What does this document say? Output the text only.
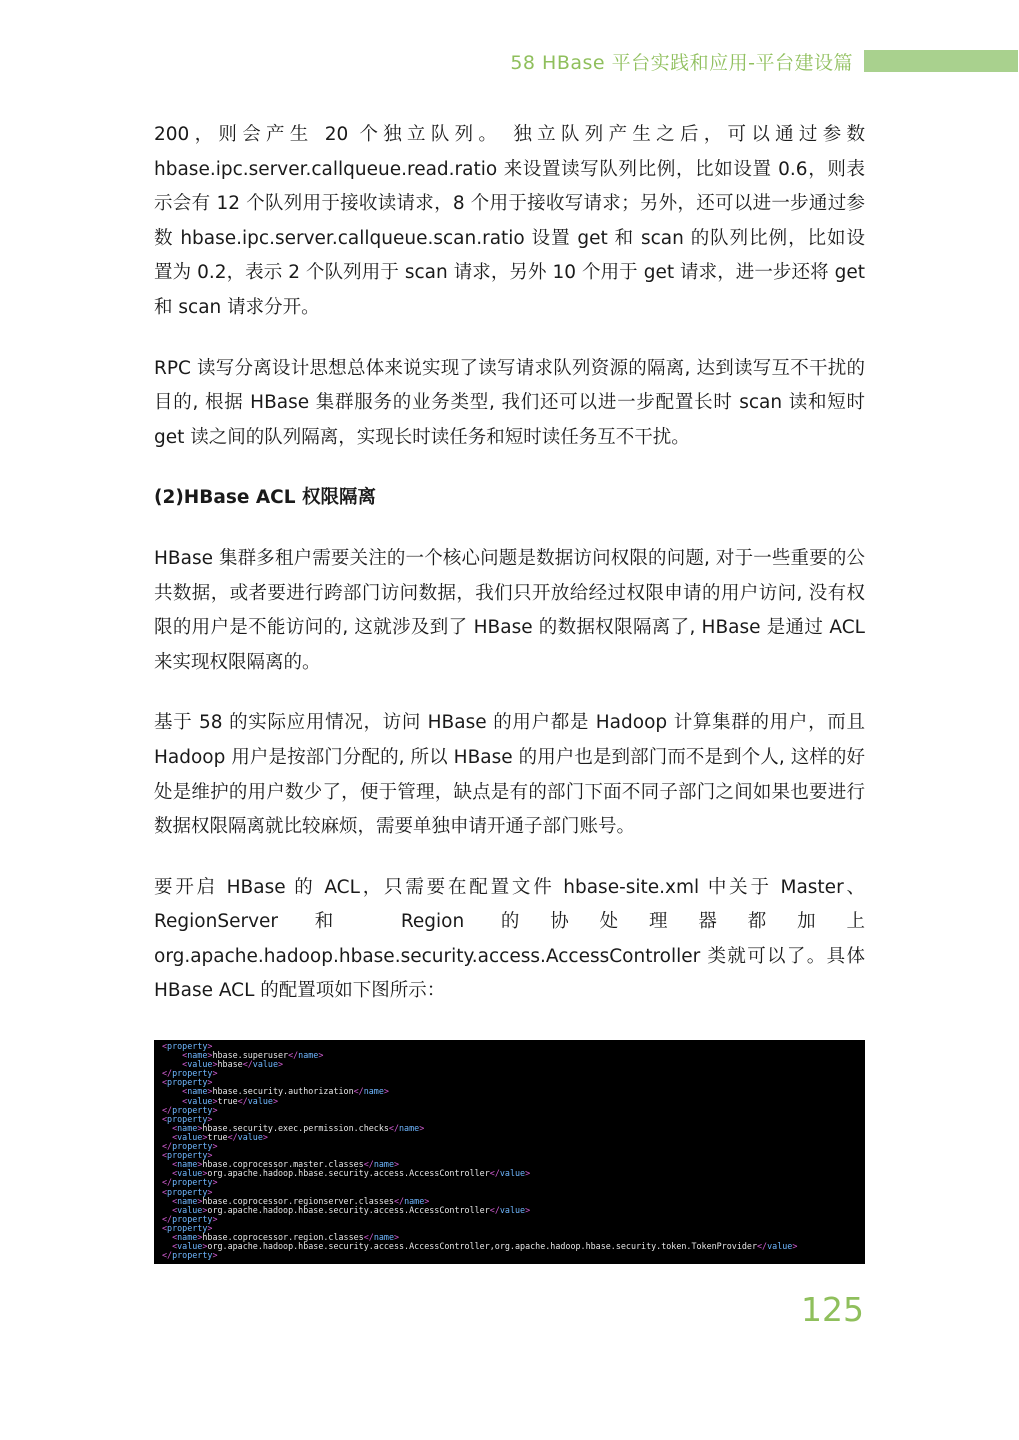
58 HBase 平台实践和应用-平台建设篇

200，则会产生 20 个独立队列。 独立队列产生之后，可以通过参数 hbase.ipc.server.callqueue.read.ratio 来设置读写队列比例，比如设置 0.6，则表示会有 12 个队列用于接收读请求，8 个用于接收写请求；另外，还可以进一步通过参数 hbase.ipc.server.callqueue.scan.ratio 设置 get 和 scan 的队列比例，比如设置为 0.2，表示 2 个队列用于 scan 请求，另外 10 个用于 get 请求，进一步还将 get 和 scan 请求分开。

RPC 读写分离设计思想总体来说实现了读写请求队列资源的隔离, 达到读写互不干扰的目的, 根据 HBase 集群服务的业务类型, 我们还可以进一步配置长时 scan 读和短时 get 读之间的队列隔离，实现长时读任务和短时读任务互不干扰。

(2)HBase ACL 权限隔离

HBase 集群多租户需要关注的一个核心问题是数据访问权限的问题, 对于一些重要的公共数据，或者要进行跨部门访问数据，我们只开放给经过权限申请的用户访问, 没有权限的用户是不能访问的, 这就涉及到了 HBase 的数据权限隔离了, HBase 是通过 ACL 来实现权限隔离的。

基于 58 的实际应用情况，访问 HBase 的用户都是 Hadoop 计算集群的用户，而且 Hadoop 用户是按部门分配的, 所以 HBase 的用户也是到部门而不是到个人, 这样的好处是维护的用户数少了，便于管理，缺点是有的部门下面不同子部门之间如果也要进行数据权限隔离就比较麻烦，需要单独申请开通子部门账号。

要开启 HBase 的 ACL，只需要在配置文件 hbase-site.xml 中关于 Master、RegionServer 和 Region 的协处理器都加上 org.apache.hadoop.hbase.security.access.AccessController 类就可以了。具体 HBase ACL 的配置项如下图所示：

<property>
<name>hbase.superuser</name>
<value>hbase</value>
</property>
<property>
<name>hbase.security.authorization</name>
<value>true</value>
</property>
<property>
<name>hbase.security.exec.permission.checks</name>
<value>true</value>
</property>
<property>
<name>hbase.coprocessor.master.classes</name>
<value>org.apache.hadoop.hbase.security.access.AccessController</value>
</property>
<property>
<name>hbase.coprocessor.regionserver.classes</name>
<value>org.apache.hadoop.hbase.security.access.AccessController</value>
</property>
<property>
<name>hbase.coprocessor.region.classes</name>
<value>org.apache.hadoop.hbase.security.access.AccessController,org.apache.hadoop.hbase.security.token.TokenProvider</value>
</property>
125
